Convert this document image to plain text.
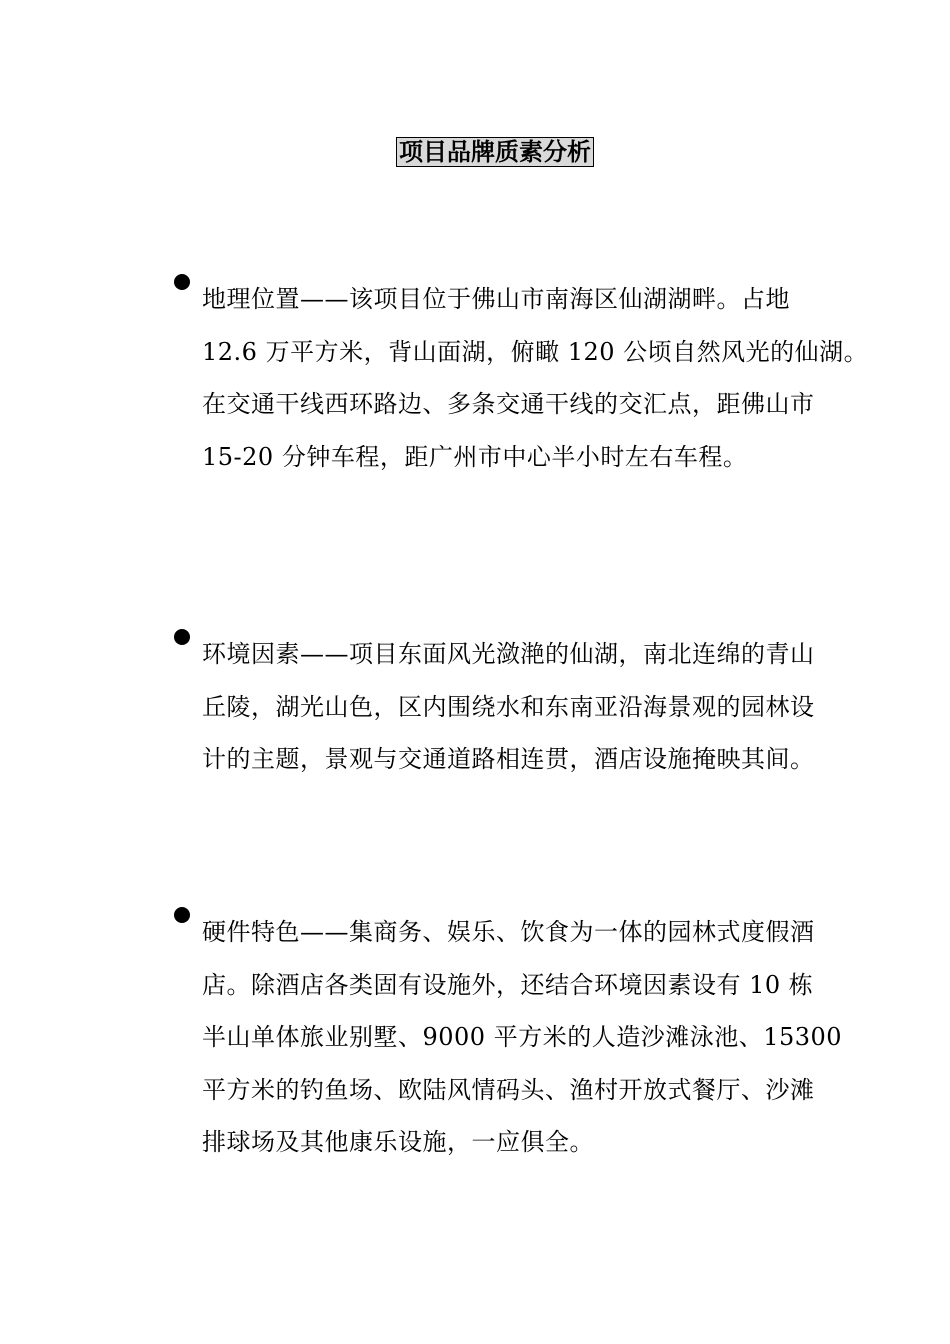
项目品牌质素分析
地理位置——该项目位于佛山市南海区仙湖湖畔。占地
12.6 万平方米，背山面湖，俯瞰 120 公顷自然风光的仙湖。
在交通干线西环路边、多条交通干线的交汇点，距佛山市
15-20 分钟车程，距广州市中心半小时左右车程。
环境因素——项目东面风光潋滟的仙湖，南北连绵的青山
丘陵，湖光山色，区内围绕水和东南亚沿海景观的园林设
计的主题，景观与交通道路相连贯，酒店设施掩映其间。
硬件特色——集商务、娱乐、饮食为一体的园林式度假酒
店。除酒店各类固有设施外，还结合环境因素设有 10 栋
半山单体旅业别墅、9000 平方米的人造沙滩泳池、15300
平方米的钓鱼场、欧陆风情码头、渔村开放式餐厅、沙滩
排球场及其他康乐设施，一应俱全。
